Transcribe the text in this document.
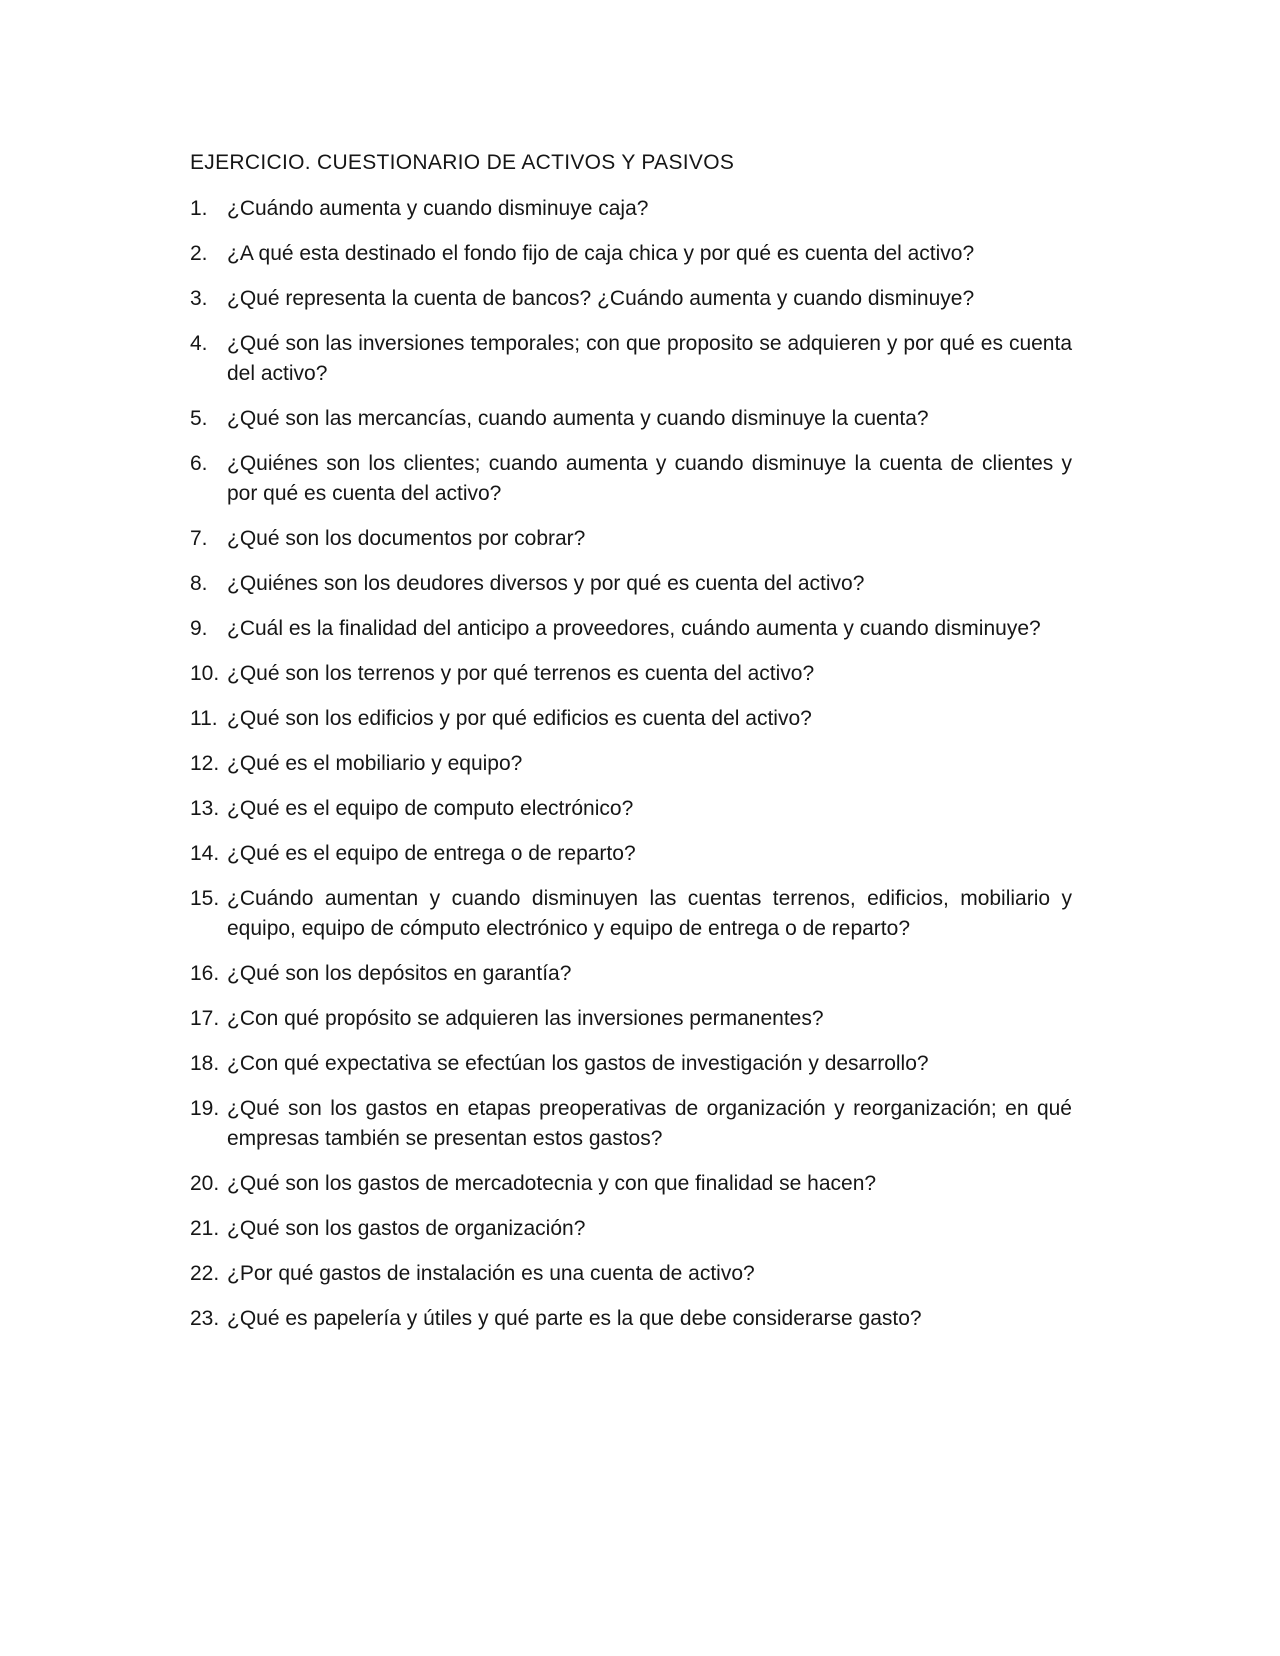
EJERCICIO. CUESTIONARIO DE ACTIVOS Y PASIVOS
1. ¿Cuándo aumenta y cuando disminuye caja?
2. ¿A qué esta destinado el fondo fijo de caja chica y por qué es cuenta del activo?
3. ¿Qué representa la cuenta de bancos? ¿Cuándo aumenta y cuando disminuye?
4. ¿Qué son las inversiones temporales; con que proposito se adquieren y por qué es cuenta del activo?
5. ¿Qué son las mercancías, cuando aumenta y cuando disminuye la cuenta?
6. ¿Quiénes son los clientes; cuando aumenta y cuando disminuye la cuenta de clientes y por qué es cuenta del activo?
7. ¿Qué son los documentos por cobrar?
8. ¿Quiénes son los deudores diversos y por qué es cuenta del activo?
9. ¿Cuál es la finalidad del anticipo a proveedores, cuándo aumenta y cuando disminuye?
10. ¿Qué son los terrenos y por qué terrenos es cuenta del activo?
11. ¿Qué son los edificios y por qué edificios es cuenta del activo?
12. ¿Qué es el mobiliario y equipo?
13. ¿Qué es el equipo de computo electrónico?
14. ¿Qué es el equipo de entrega o de reparto?
15. ¿Cuándo aumentan y cuando disminuyen las cuentas terrenos, edificios, mobiliario y equipo, equipo de cómputo electrónico y equipo de entrega o de reparto?
16. ¿Qué son los depósitos en garantía?
17. ¿Con qué propósito se adquieren las inversiones permanentes?
18. ¿Con qué expectativa se efectúan los gastos de investigación y desarrollo?
19. ¿Qué son los gastos en etapas preoperativas de organización y reorganización; en qué empresas también se presentan estos gastos?
20. ¿Qué son los gastos de mercadotecnia y con que finalidad se hacen?
21. ¿Qué son los gastos de organización?
22. ¿Por qué gastos de instalación es una cuenta de activo?
23. ¿Qué es papelería y útiles y qué parte es la que debe considerarse gasto?
